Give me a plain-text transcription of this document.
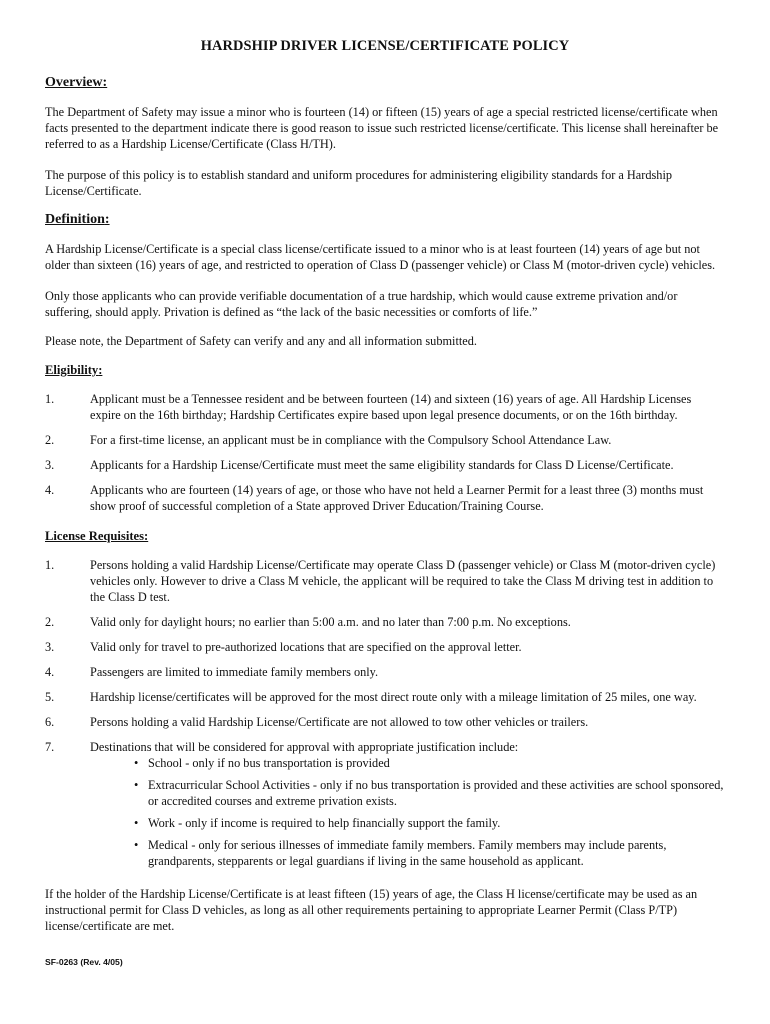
HARDSHIP DRIVER LICENSE/CERTIFICATE POLICY
Overview:

The Department of Safety may issue a minor who is fourteen (14) or fifteen (15) years of age a special restricted license/certificate when facts presented to the department indicate there is good reason to issue such restricted license/certificate. This license shall hereinafter be referred to as a Hardship License/Certificate (Class H/TH).

The purpose of this policy is to establish standard and uniform procedures for administering eligibility standards for a Hardship License/Certificate.

Definition:

A Hardship License/Certificate is a special class license/certificate issued to a minor who is at least fourteen (14) years of age but not older than sixteen (16) years of age, and restricted to operation of Class D (passenger vehicle) or Class M (motor-driven cycle) vehicles.

Only those applicants who can provide verifiable documentation of a true hardship, which would cause extreme privation and/or suffering, should apply. Privation is defined as “the lack of the basic necessities or comforts of life.”

Please note, the Department of Safety can verify and any and all information submitted.

Eligibility:
1.	Applicant must be a Tennessee resident and be between fourteen (14) and sixteen (16) years of age. All Hardship Licenses expire on the 16th birthday; Hardship Certificates expire based upon legal presence documents, or on the 16th birthday.
2.	For a first-time license, an applicant must be in compliance with the Compulsory School Attendance Law.
3.	Applicants for a Hardship License/Certificate must meet the same eligibility standards for Class D License/Certificate.
4.	Applicants who are fourteen (14) years of age, or those who have not held a Learner Permit for a least three (3) months must show proof of successful completion of a State approved Driver Education/Training Course.
License Requisites:
1.	Persons holding a valid Hardship License/Certificate may operate Class D (passenger vehicle) or Class M (motor-driven cycle) vehicles only. However to drive a Class M vehicle, the applicant will be required to take the Class M driving test in addition to the Class D test.
2.	Valid only for daylight hours; no earlier than 5:00 a.m. and no later than 7:00 p.m. No exceptions.
3.	Valid only for travel to pre-authorized locations that are specified on the approval letter.
4.	Passengers are limited to immediate family members only.
5.	Hardship license/certificates will be approved for the most direct route only with a mileage limitation of 25 miles, one way.
6.	Persons holding a valid Hardship License/Certificate are not allowed to tow other vehicles or trailers.
7.	Destinations that will be considered for approval with appropriate justification include:
• School - only if no bus transportation is provided
• Extracurricular School Activities - only if no bus transportation is provided and these activities are school sponsored, or accredited courses and extreme privation exists.
• Work - only if income is required to help financially support the family.
• Medical - only for serious illnesses of immediate family members. Family members may include parents, grandparents, stepparents or legal guardians if living in the same household as applicant.

If the holder of the Hardship License/Certificate is at least fifteen (15) years of age, the Class H license/certificate may be used as an instructional permit for Class D vehicles, as long as all other requirements pertaining to appropriate Learner Permit (Class P/TP) license/certificate are met.

SF-0263 (Rev. 4/05)
